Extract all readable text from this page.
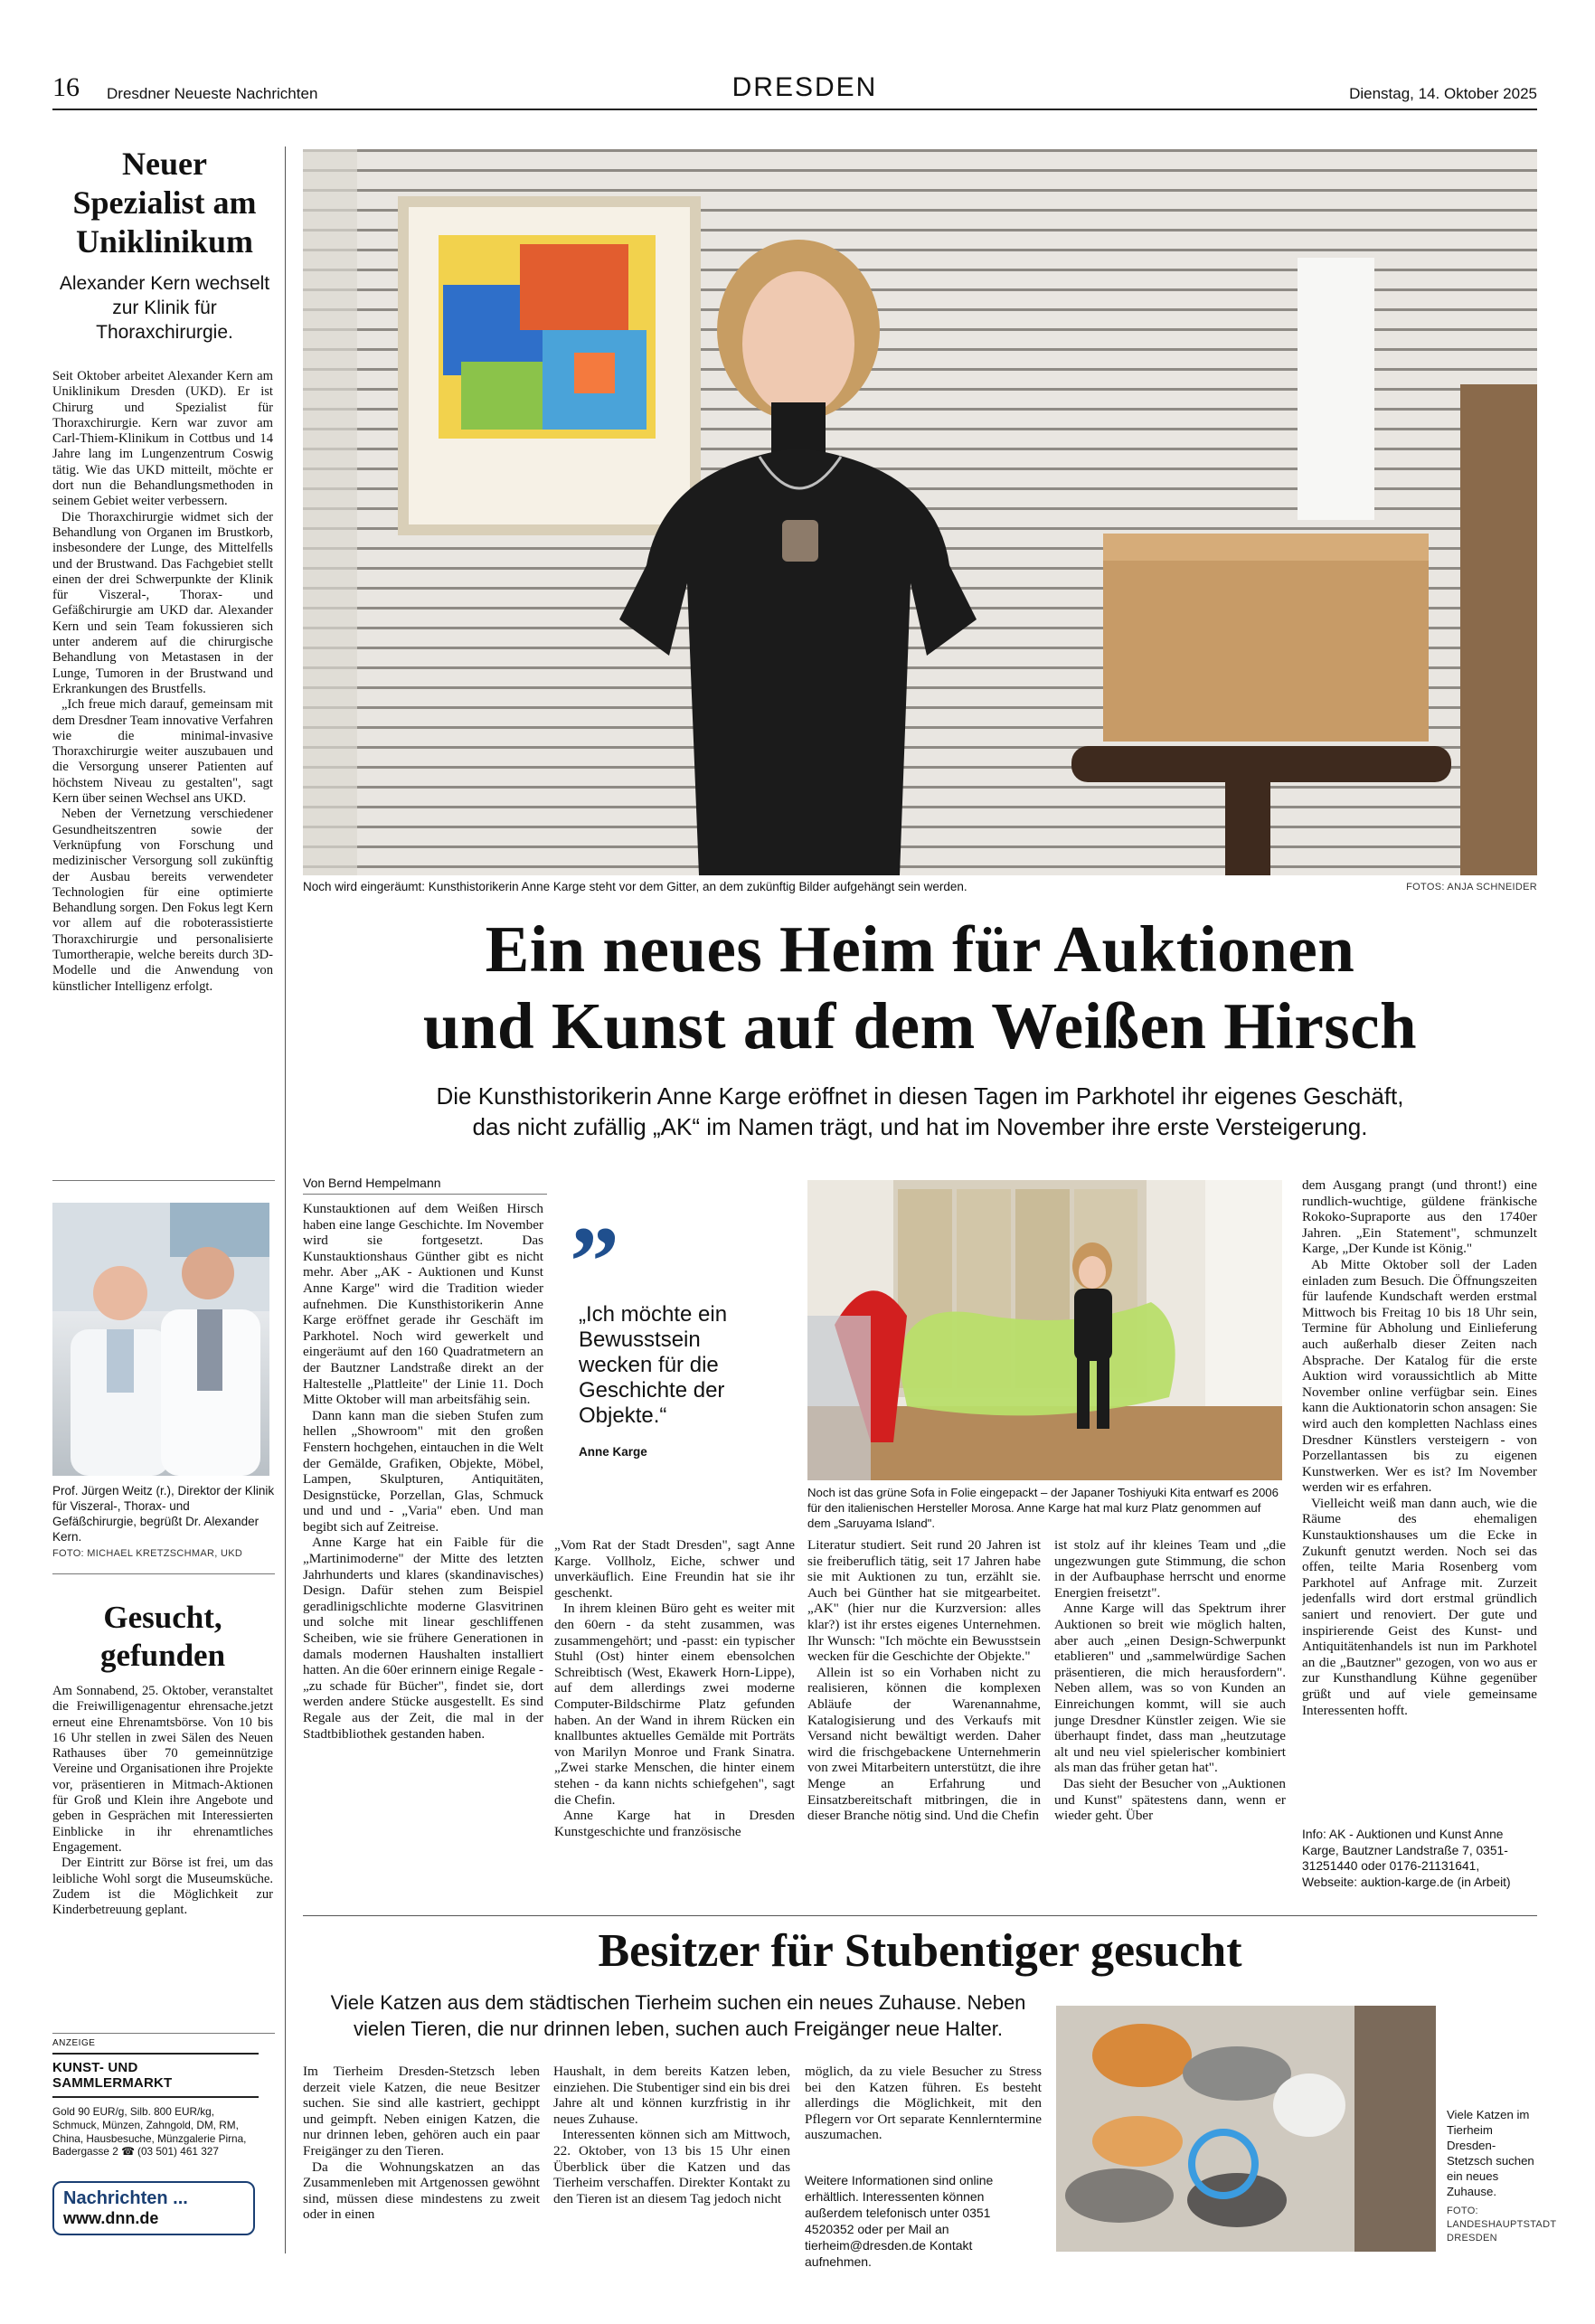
16 Dresdner Neueste Nachrichten	DRESDEN	Dienstag, 14. Oktober 2025
Neuer Spezialist am Uniklinikum
Alexander Kern wechselt zur Klinik für Thoraxchirurgie.

Seit Oktober arbeitet Alexander Kern am Uniklinikum Dresden (UKD). Er ist Chirurg und Spezialist für Thoraxchirurgie. Kern war zuvor am Carl-Thiem-Klinikum in Cottbus und 14 Jahre lang im Lungenzentrum Coswig tätig. Wie das UKD mitteilt, möchte er dort nun die Behandlungsmethoden in seinem Gebiet weiter verbessern.

Die Thoraxchirurgie widmet sich der Behandlung von Organen im Brustkorb, insbesondere der Lunge, des Mittelfells und der Brustwand. Das Fachgebiet stellt einen der drei Schwerpunkte der Klinik für Viszeral-, Thorax- und Gefäßchirurgie am UKD dar. Alexander Kern und sein Team fokussieren sich unter anderem auf die chirurgische Behandlung von Metastasen in der Lunge, Tumoren in der Brustwand und Erkrankungen des Brustfells.

„Ich freue mich darauf, gemeinsam mit dem Dresdner Team innovative Verfahren wie die minimal-invasive Thoraxchirurgie weiter auszubauen und die Versorgung unserer Patienten auf höchstem Niveau zu gestalten", sagt Kern über seinen Wechsel ans UKD.

Neben der Vernetzung verschiedener Gesundheitszentren sowie der Verknüpfung von Forschung und medizinischer Versorgung soll zukünftig der Ausbau bereits verwendeter Technologien für eine optimierte Behandlung sorgen. Den Fokus legt Kern vor allem auf die roboterassistierte Thoraxchirurgie und personalisierte Tumortherapie, welche bereits durch 3D-Modelle und die Anwendung von künstlicher Intelligenz erfolgt.

Prof. Jürgen Weitz (r.), Direktor der Klinik für Viszeral-, Thorax- und Gefäßchirurgie, begrüßt Dr. Alexander Kern.
FOTO: MICHAEL KRETZSCHMAR, UKD
Gesucht, gefunden

Am Sonnabend, 25. Oktober, veranstaltet die Freiwilligenagentur ehrensache.jetzt erneut eine Ehrenamtsbörse. Von 10 bis 16 Uhr stellen in zwei Sälen des Neuen Rathauses über 70 gemeinnützige Vereine und Organisationen ihre Projekte vor, präsentieren in Mitmach-Aktionen für Groß und Klein ihre Angebote und geben in Gesprächen mit Interessierten Einblicke in ihr ehrenamtliches Engagement.

Der Eintritt zur Börse ist frei, um das leibliche Wohl sorgt die Museumsküche. Zudem ist die Möglichkeit zur Kinderbetreuung geplant.

ANZEIGE
KUNST- UND SAMMLERMARKT
Gold 90 EUR/g, Silb. 800 EUR/kg, Schmuck, Münzen, Zahngold, DM, RM, China, Hausbesuche, Münzgalerie Pirna, Badergasse 2 ☎ (03 501) 461 327
Nachrichten ...
www.dnn.de
Noch wird eingeräumt: Kunsthistorikerin Anne Karge steht vor dem Gitter, an dem zukünftig Bilder aufgehängt sein werden.	FOTOS: ANJA SCHNEIDER
Ein neues Heim für Auktionen
und Kunst auf dem Weißen Hirsch
Die Kunsthistorikerin Anne Karge eröffnet in diesen Tagen im Parkhotel ihr eigenes Geschäft,
das nicht zufällig „AK“ im Namen trägt, und hat im November ihre erste Versteigerung.
Von Bernd Hempelmann

Kunstauktionen auf dem Weißen Hirsch haben eine lange Geschichte. Im November wird sie fortgesetzt. Das Kunstauktionshaus Günther gibt es nicht mehr. Aber „AK - Auktionen und Kunst Anne Karge" wird die Tradition wieder aufnehmen. Die Kunsthistorikerin Anne Karge eröffnet gerade ihr Geschäft im Parkhotel. Noch wird gewerkelt und eingeräumt auf den 160 Quadratmetern an der Bautzner Landstraße direkt an der Haltestelle „Plattleite" der Linie 11. Doch Mitte Oktober will man arbeitsfähig sein.

Dann kann man die sieben Stufen zum hellen „Showroom" mit den großen Fenstern hochgehen, eintauchen in die Welt der Gemälde, Grafiken, Objekte, Möbel, Lampen, Skulpturen, Antiquitäten, Designstücke, Porzellan, Glas, Schmuck und und und - „Varia" eben. Und man begibt sich auf Zeitreise.

Anne Karge hat ein Faible für die „Martinimoderne" der Mitte des letzten Jahrhunderts und klares (skandinavisches) Design. Dafür stehen zum Beispiel geradlinigschlichte moderne Glasvitrinen und solche mit linear geschliffenen Scheiben, wie sie frühere Generationen in damals modernen Haushalten installiert hatten. An die 60er erinnern einige Regale - „zu schade für Bücher", findet sie, dort werden andere Stücke ausgestellt. Es sind Regale aus der Zeit, die mal in der Stadtbibliothek gestanden haben.

”
„Ich möchte ein Bewusstsein wecken für die Geschichte der Objekte.“
Anne Karge
Noch ist das grüne Sofa in Folie eingepackt – der Japaner Toshiyuki Kita entwarf es 2006 für den italienischen Hersteller Morosa. Anne Karge hat mal kurz Platz genommen auf dem „Saruyama Island".

„Vom Rat der Stadt Dresden", sagt Anne Karge. Vollholz, Eiche, schwer und unverkäuflich. Eine Freundin hat sie ihr geschenkt.

In ihrem kleinen Büro geht es weiter mit den 60ern - da steht zusammen, was zusammengehört; und -passt: ein typischer Stuhl (Ost) hinter einem ebensolchen Schreibtisch (West, Ekawerk Horn-Lippe), auf dem allerdings zwei moderne Computer-Bildschirme Platz gefunden haben. An der Wand in ihrem Rücken ein knallbuntes aktuelles Gemälde mit Porträts von Marilyn Monroe und Frank Sinatra. „Zwei starke Menschen, die hinter einem stehen - da kann nichts schiefgehen", sagt die Chefin.

Anne Karge hat in Dresden Kunstgeschichte und französische

Literatur studiert. Seit rund 20 Jahren ist sie freiberuflich tätig, seit 17 Jahren habe sie mit Auktionen zu tun, erzählt sie. Auch bei Günther hat sie mitgearbeitet. „AK" (hier nur die Kurzversion: alles klar?) ist ihr erstes eigenes Unternehmen. Ihr Wunsch: "Ich möchte ein Bewusstsein wecken für die Geschichte der Objekte."

Allein ist so ein Vorhaben nicht zu realisieren, können die komplexen Abläufe der Warenannahme, Katalogisierung und des Verkaufs mit Versand nicht bewältigt werden. Daher wird die frischgebackene Unternehmerin von zwei Mitarbeitern unterstützt, die ihre Menge an Erfahrung und Einsatzbereitschaft mitbringen, die in dieser Branche nötig sind. Und die Chefin

ist stolz auf ihr kleines Team und „die ungezwungen gute Stimmung, die schon in der Aufbauphase herrscht und enorme Energien freisetzt".

Anne Karge will das Spektrum ihrer Auktionen so breit wie möglich halten, aber auch „einen Design-Schwerpunkt etablieren" und „sammelwürdige Sachen präsentieren, die mich herausfordern". Neben allem, was so von Kunden an Einreichungen kommt, will sie auch junge Dresdner Künstler zeigen. Wie sie überhaupt findet, dass man „heutzutage alt und neu viel spielerischer kombiniert als man das früher getan hat".

Das sieht der Besucher von „Auktionen und Kunst" spätestens dann, wenn er wieder geht. Über

dem Ausgang prangt (und thront!) eine rundlich-wuchtige, güldene fränkische Rokoko-Supraporte aus den 1740er Jahren. „Ein Statement", schmunzelt Karge, „Der Kunde ist König."

Ab Mitte Oktober soll der Laden einladen zum Besuch. Die Öffnungszeiten für laufende Kundschaft werden erstmal Mittwoch bis Freitag 10 bis 18 Uhr sein, Termine für Abholung und Einlieferung auch außerhalb dieser Zeiten nach Absprache. Der Katalog für die erste Auktion wird voraussichtlich ab Mitte November online verfügbar sein. Eines kann die Auktionatorin schon ansagen: Sie wird auch den kompletten Nachlass eines Dresdner Künstlers versteigern - von Porzellantassen bis zu eigenen Kunstwerken. Wer es ist? Im November werden wir es erfahren.

Vielleicht weiß man dann auch, wie die Räume des ehemaligen Kunstauktionshauses um die Ecke in Zukunft genutzt werden. Noch sei das offen, teilte Maria Rosenberg vom Parkhotel auf Anfrage mit. Zurzeit jedenfalls wird dort erstmal gründlich saniert und renoviert. Der gute und inspirierende Geist des Kunst- und Antiquitätenhandels ist nun im Parkhotel an die „Bautzner" gezogen, von wo aus er zur Kunsthandlung Kühne gegenüber grüßt und auf viele gemeinsame Interessenten hofft.

Info: AK - Auktionen und Kunst Anne Karge, Bautzner Landstraße 7, 0351-31251440 oder 0176-21131641, Webseite: auktion-karge.de (in Arbeit)
Besitzer für Stubentiger gesucht
Viele Katzen aus dem städtischen Tierheim suchen ein neues Zuhause. Neben
vielen Tieren, die nur drinnen leben, suchen auch Freigänger neue Halter.

Im Tierheim Dresden-Stetzsch leben derzeit viele Katzen, die neue Besitzer suchen. Sie sind alle kastriert, gechippt und geimpft. Neben einigen Katzen, die nur drinnen leben, gehören auch ein paar Freigänger zu den Tieren.

Da die Wohnungskatzen an das Zusammenleben mit Artgenossen gewöhnt sind, müssen diese mindestens zu zweit oder in einen

Haushalt, in dem bereits Katzen leben, einziehen. Die Stubentiger sind ein bis drei Jahre alt und können kurzfristig in ihr neues Zuhause.

Interessenten können sich am Mittwoch, 22. Oktober, von 13 bis 15 Uhr einen Überblick über die Katzen und das Tierheim verschaffen. Direkter Kontakt zu den Tieren ist an diesem Tag jedoch nicht

möglich, da zu viele Besucher zu Stress bei den Katzen führen. Es besteht allerdings die Möglichkeit, mit den Pflegern vor Ort separate Kennlerntermine auszumachen.

Weitere Informationen sind online erhältlich. Interessenten können außerdem telefonisch unter 0351 4520352 oder per Mail an tierheim@dresden.de Kontakt aufnehmen.
Viele Katzen im Tierheim Dresden-Stetzsch suchen ein neues Zuhause.
FOTO: LANDESHAUPTSTADT DRESDEN
